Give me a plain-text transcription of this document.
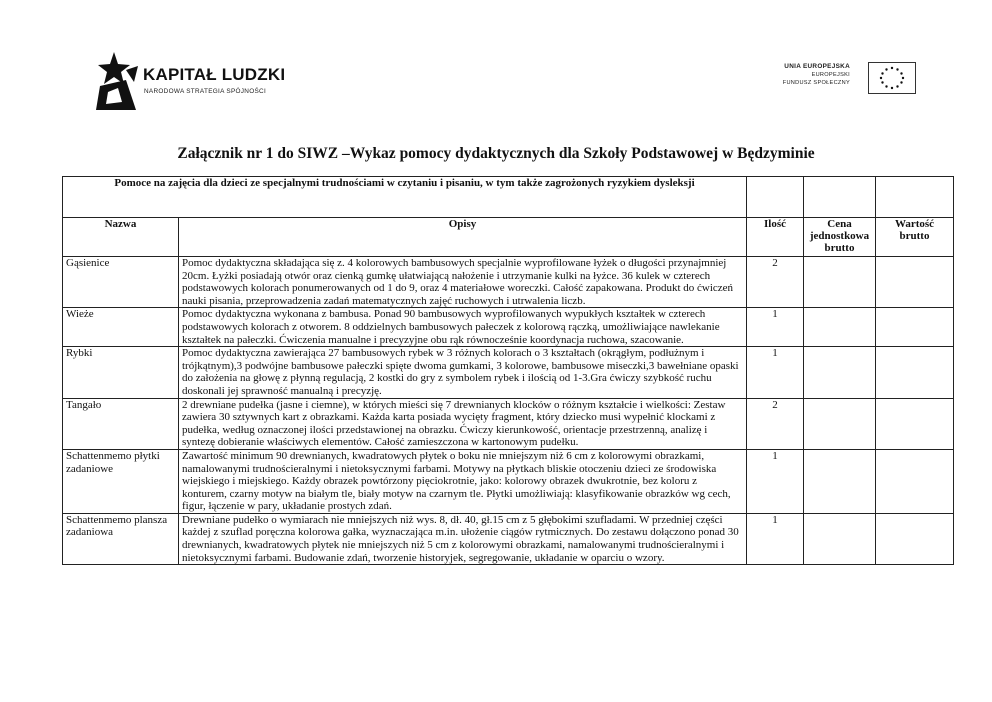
KAPITAŁ LUDZKI
NARODOWA STRATEGIA SPÓJNOŚCI
UNIA EUROPEJSKA
EUROPEJSKI
FUNDUSZ SPOŁECZNY
Załącznik nr 1 do SIWZ –Wykaz pomocy dydaktycznych dla Szkoły Podstawowej w Będzyminie
Pomoce na zajęcia dla dzieci ze specjalnymi trudnościami w czytaniu i pisaniu, w tym także zagrożonych ryzykiem dysleksji				
Nazwa	Opisy	Ilość	Cena jednostkowa brutto	Wartość brutto
Gąsienice	Pomoc dydaktyczna składająca się z. 4 kolorowych bambusowych specjalnie wyprofilowane łyżek o długości przynajmniej 20cm. Łyżki posiadają otwór oraz cienką gumkę ułatwiającą nałożenie i utrzymanie kulki na łyżce. 36 kulek w czterech podstawowych kolorach ponumerowanych od 1 do 9, oraz 4 materiałowe woreczki. Całość zapakowana. Produkt do ćwiczeń nauki pisania, przeprowadzenia zadań matematycznych zajęć ruchowych i utrwalenia liczb.	2		
Wieże	Pomoc dydaktyczna wykonana z bambusa. Ponad 90 bambusowych wyprofilowanych wypukłych kształtek w czterech podstawowych kolorach z otworem. 8 oddzielnych bambusowych pałeczek z kolorową rączką, umożliwiające nawlekanie kształtek na pałeczki. Ćwiczenia manualne i precyzyjne obu rąk równocześnie koordynacja ruchowa, szacowanie.	1		
Rybki	Pomoc dydaktyczna zawierająca 27 bambusowych rybek w 3 różnych kolorach o 3 kształtach (okrągłym, podłużnym i trójkątnym),3 podwójne bambusowe pałeczki spięte dwoma gumkami, 3 kolorowe, bambusowe miseczki,3 bawełniane opaski do założenia na głowę z płynną regulacją, 2 kostki do gry z symbolem rybek i ilością od 1-3.Gra ćwiczy szybkość ruchu doskonali jej sprawność manualną i precyzję.	1		
Tangało	2 drewniane pudełka (jasne i ciemne), w których mieści się 7 drewnianych klocków o różnym kształcie i wielkości: Zestaw zawiera 30 sztywnych kart z obrazkami. Każda karta posiada wycięty fragment, który dziecko musi wypełnić klockami z pudełka, według oznaczonej ilości przedstawionej na obrazku. Ćwiczy kierunkowość, orientacje przestrzenną, analizę i syntezę dobieranie właściwych elementów. Całość zamieszczona w kartonowym pudełku.	2		
Schattenmemo płytki zadaniowe	Zawartość minimum 90 drewnianych, kwadratowych płytek o boku nie mniejszym niż 6 cm z kolorowymi obrazkami, namalowanymi trudnościeralnymi i nietoksycznymi farbami. Motywy na płytkach bliskie otoczeniu dzieci ze środowiska wiejskiego i miejskiego. Każdy obrazek powtórzony pięciokrotnie, jako: kolorowy obrazek dwukrotnie, bez koloru z konturem, czarny motyw na białym tle, biały motyw na czarnym tle. Płytki umożliwiają: klasyfikowanie obrazków wg cech, figur, łączenie w pary, układanie prostych zdań.	1		
Schattenmemo plansza zadaniowa	Drewniane pudełko o wymiarach nie mniejszych niż wys. 8, dł. 40, gł.15 cm z 5 głębokimi szufladami. W przedniej części każdej z szuflad poręczna kolorowa gałka, wyznaczająca m.in. ułożenie ciągów rytmicznych. Do zestawu dołączono ponad 30 drewnianych, kwadratowych płytek nie mniejszych niż 5 cm z kolorowymi obrazkami, namalowanymi trudnościeralnymi i nietoksycznymi farbami. Budowanie zdań, tworzenie historyjek, segregowanie, układanie w oparciu o wzory.	1		
